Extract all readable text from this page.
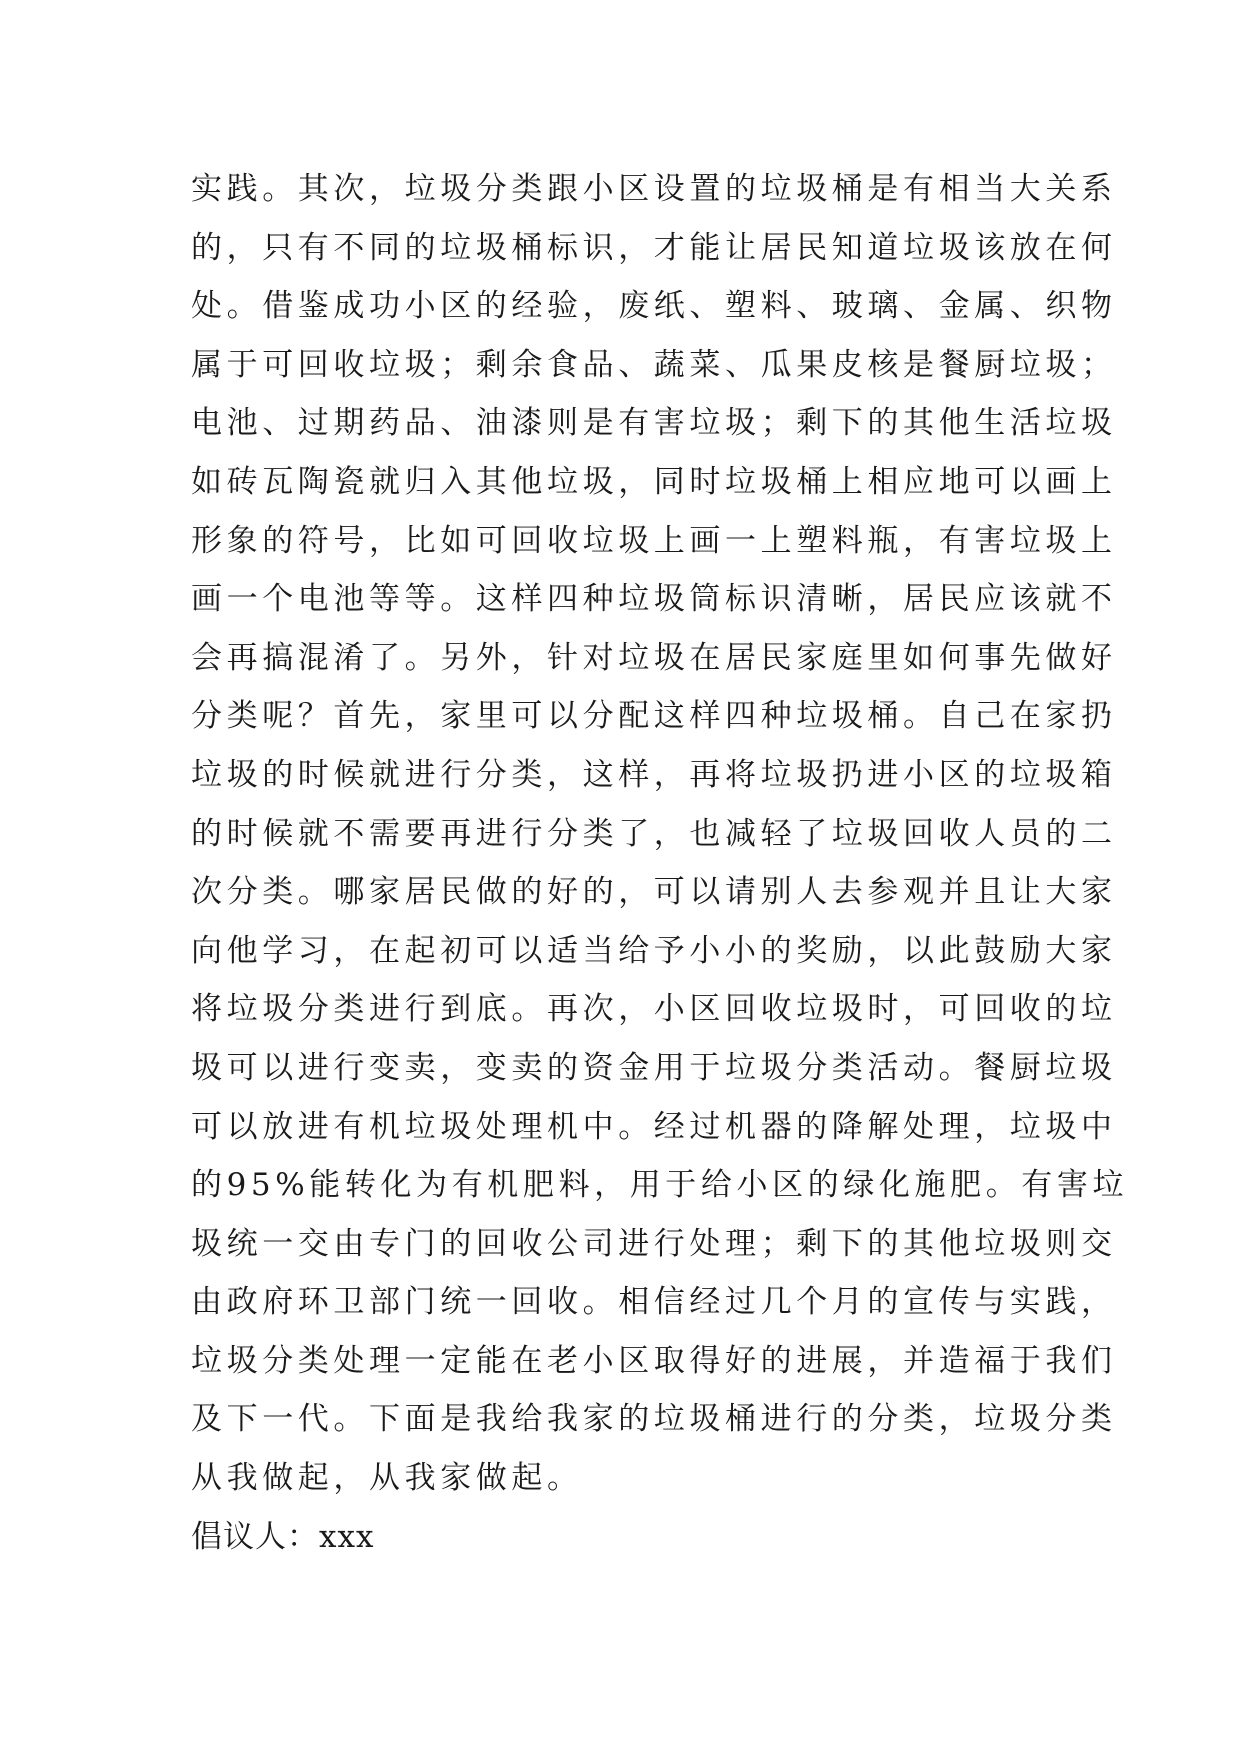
实践。其次，垃圾分类跟小区设置的垃圾桶是有相当大关系
的，只有不同的垃圾桶标识，才能让居民知道垃圾该放在何
处。借鉴成功小区的经验，废纸、塑料、玻璃、金属、织物
属于可回收垃圾；剩余食品、蔬菜、瓜果皮核是餐厨垃圾；
电池、过期药品、油漆则是有害垃圾；剩下的其他生活垃圾
如砖瓦陶瓷就归入其他垃圾，同时垃圾桶上相应地可以画上
形象的符号，比如可回收垃圾上画一上塑料瓶，有害垃圾上
画一个电池等等。这样四种垃圾筒标识清晰，居民应该就不
会再搞混淆了。另外，针对垃圾在居民家庭里如何事先做好
分类呢？首先，家里可以分配这样四种垃圾桶。自己在家扔
垃圾的时候就进行分类，这样，再将垃圾扔进小区的垃圾箱
的时候就不需要再进行分类了，也减轻了垃圾回收人员的二
次分类。哪家居民做的好的，可以请别人去参观并且让大家
向他学习，在起初可以适当给予小小的奖励，以此鼓励大家
将垃圾分类进行到底。再次，小区回收垃圾时，可回收的垃
圾可以进行变卖，变卖的资金用于垃圾分类活动。餐厨垃圾
可以放进有机垃圾处理机中。经过机器的降解处理，垃圾中
的95%能转化为有机肥料，用于给小区的绿化施肥。有害垃
圾统一交由专门的回收公司进行处理；剩下的其他垃圾则交
由政府环卫部门统一回收。相信经过几个月的宣传与实践，
垃圾分类处理一定能在老小区取得好的进展，并造福于我们
及下一代。下面是我给我家的垃圾桶进行的分类，垃圾分类
从我做起，从我家做起。
倡议人：xxx
